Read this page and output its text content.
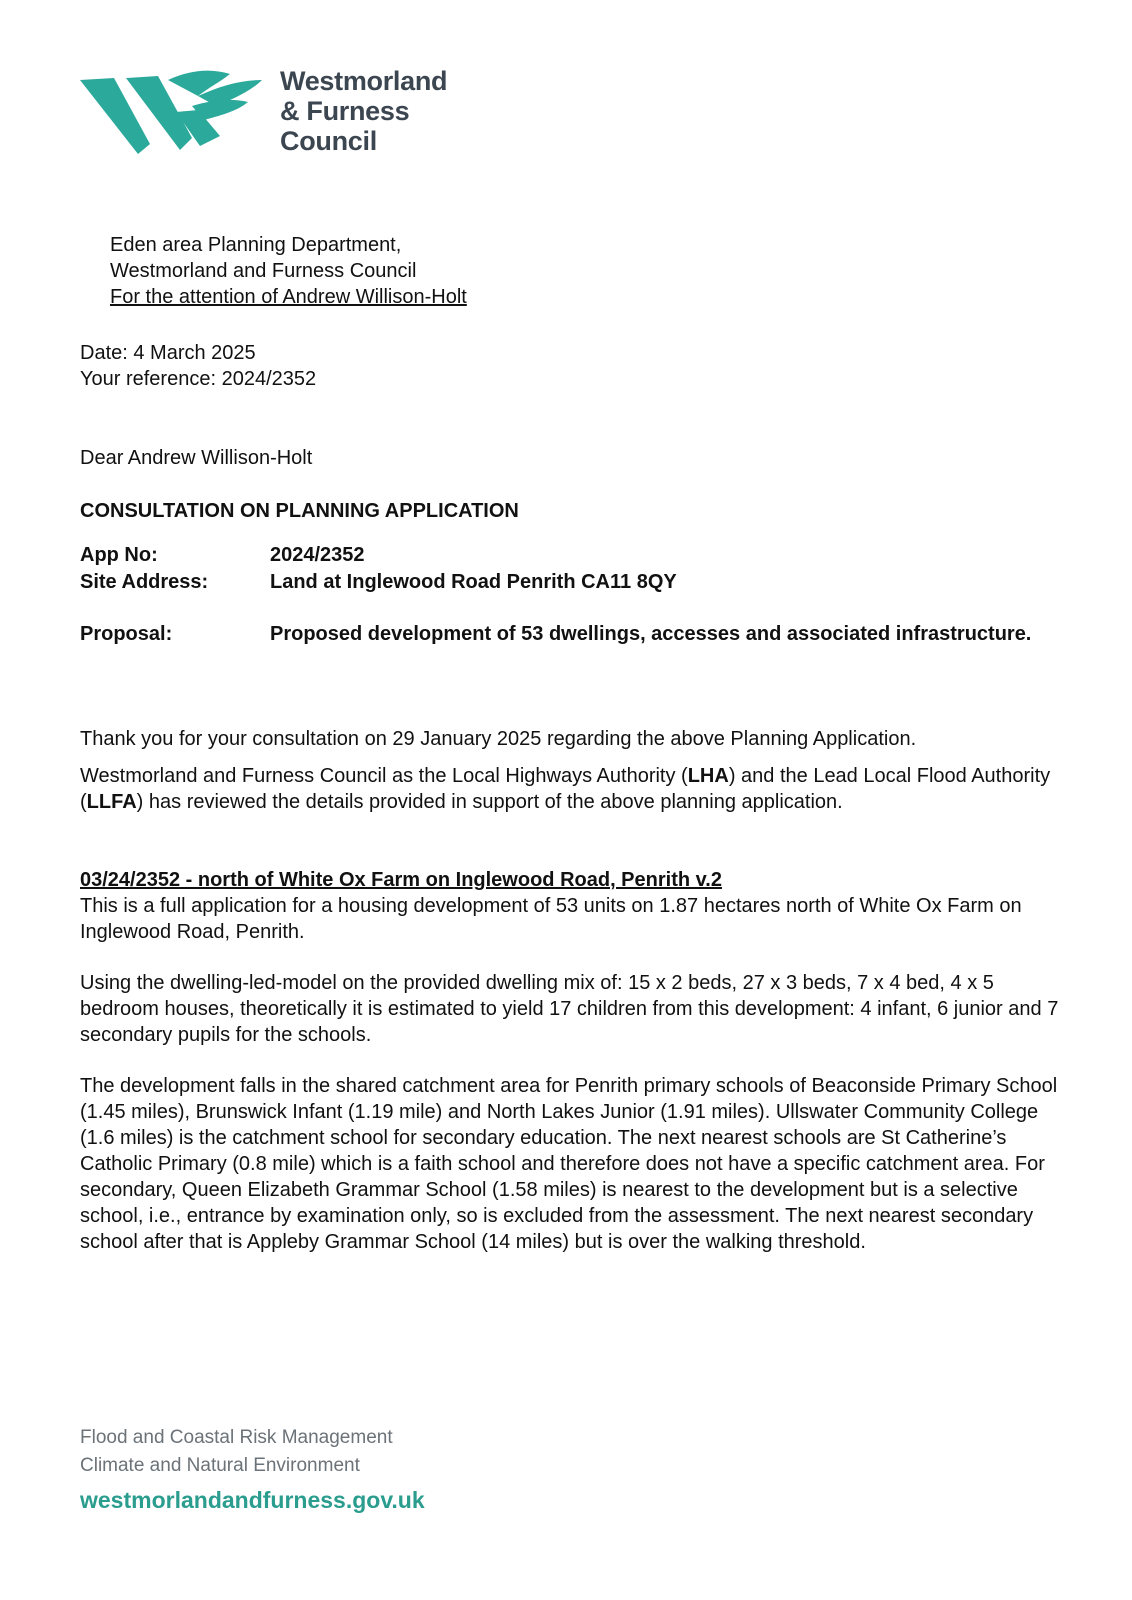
Westmorland
& Furness
Council
Eden area Planning Department,
Westmorland and Furness Council
For the attention of Andrew Willison-Holt
Date: 4 March 2025
Your reference: 2024/2352
Dear Andrew Willison-Holt
CONSULTATION ON PLANNING APPLICATION
App No:	2024/2352
Site Address:	Land at Inglewood Road Penrith CA11 8QY
Proposal:	Proposed development of 53 dwellings, accesses and associated infrastructure.
Thank you for your consultation on 29 January 2025 regarding the above Planning Application.
Westmorland and Furness Council as the Local Highways Authority (LHA) and the Lead Local Flood Authority (LLFA) has reviewed the details provided in support of the above planning application.
03/24/2352 - north of White Ox Farm on Inglewood Road, Penrith v.2
This is a full application for a housing development of 53 units on 1.87 hectares north of White Ox Farm on Inglewood Road, Penrith.
Using the dwelling-led-model on the provided dwelling mix of: 15 x 2 beds, 27 x 3 beds, 7 x 4 bed, 4 x 5 bedroom houses, theoretically it is estimated to yield 17 children from this development: 4 infant, 6 junior and 7 secondary pupils for the schools.
The development falls in the shared catchment area for Penrith primary schools of Beaconside Primary School (1.45 miles), Brunswick Infant (1.19 mile) and North Lakes Junior (1.91 miles). Ullswater Community College (1.6 miles) is the catchment school for secondary education. The next nearest schools are St Catherine’s Catholic Primary (0.8 mile) which is a faith school and therefore does not have a specific catchment area. For secondary, Queen Elizabeth Grammar School (1.58 miles) is nearest to the development but is a selective school, i.e., entrance by examination only, so is excluded from the assessment. The next nearest secondary school after that is Appleby Grammar School (14 miles) but is over the walking threshold.
Flood and Coastal Risk Management
Climate and Natural Environment
westmorlandandfurness.gov.uk
